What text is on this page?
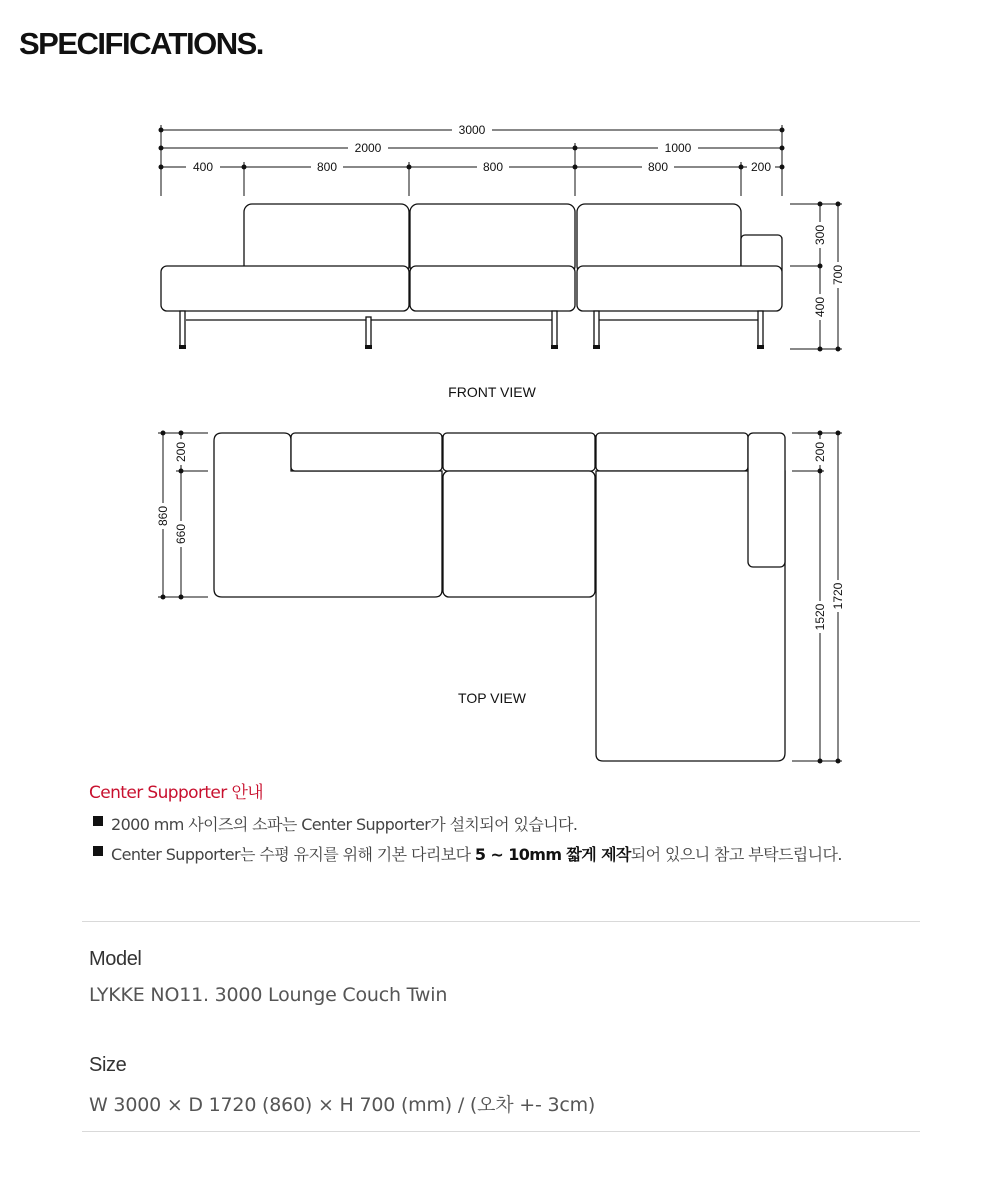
SPECIFICATIONS.
3000
2000	1000
400	800	800	800	200
300
400
700
FRONT VIEW
200
660
860
200
1520
1720
TOP VIEW
Center Supporter 안내
2000 mm 사이즈의 소파는 Center Supporter가 설치되어 있습니다.
Center Supporter는 수평 유지를 위해 기본 다리보다 5 ~ 10mm 짧게 제작되어 있으니 참고 부탁드립니다.
Model
LYKKE NO11. 3000 Lounge Couch Twin
Size
W 3000 × D 1720 (860) × H 700 (mm) / (오차 +- 3cm)
